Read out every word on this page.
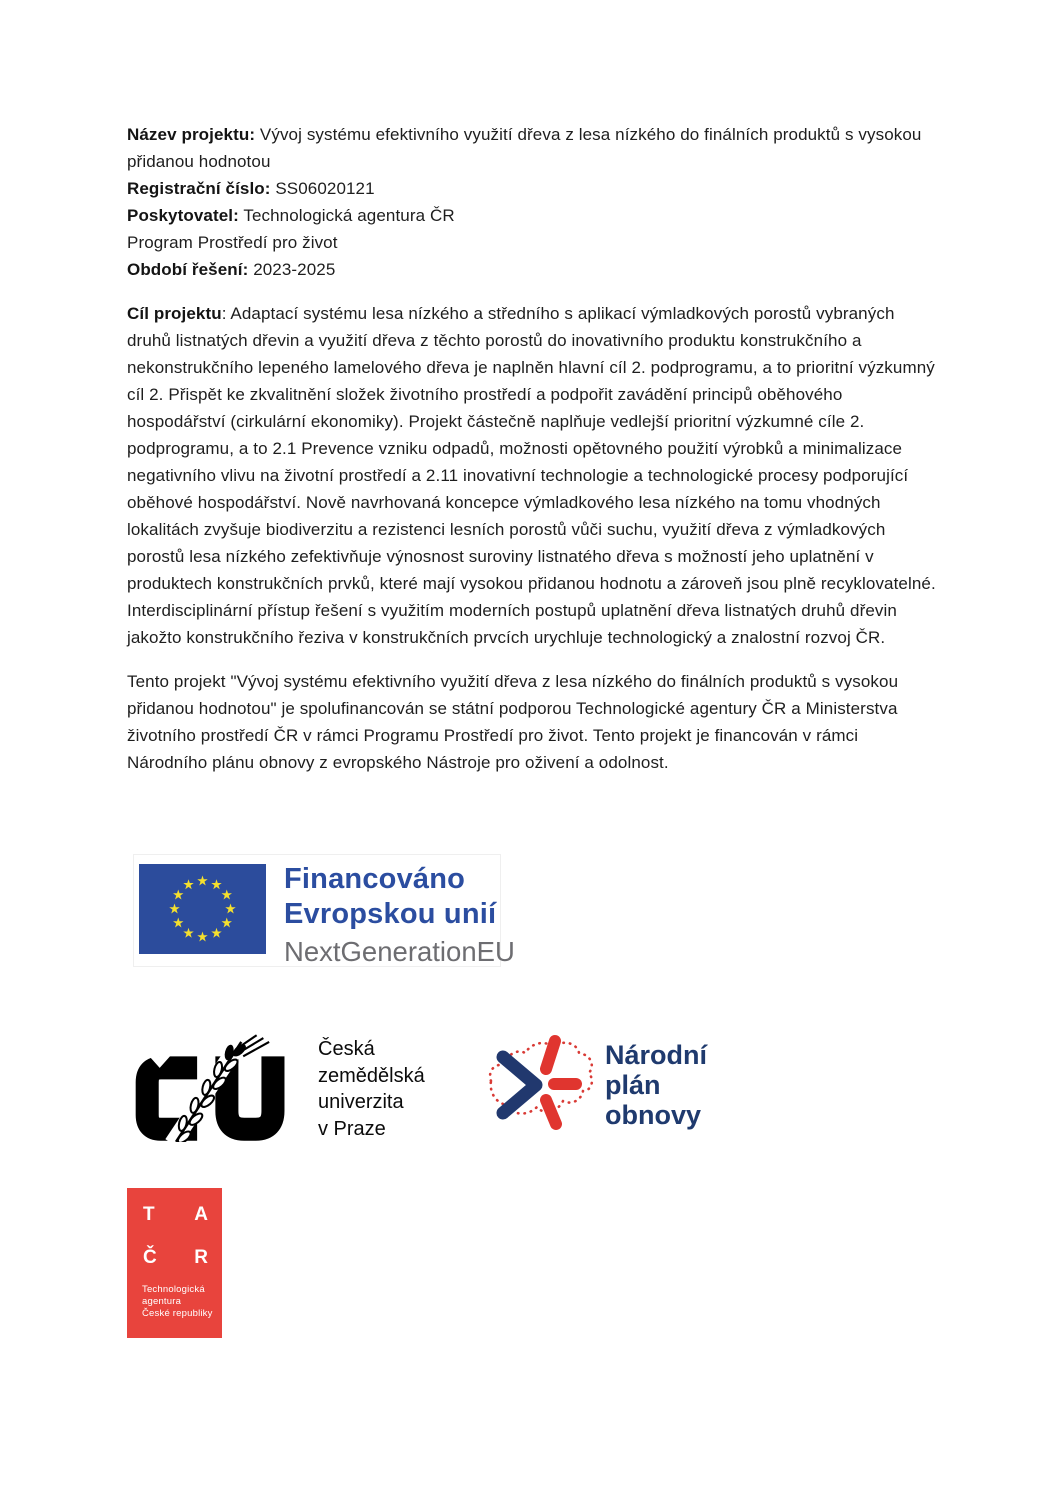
Název projektu: Vývoj systému efektivního využití dřeva z lesa nízkého do finálních produktů s vysokou přidanou hodnotou

Registrační číslo: SS06020121

Poskytovatel: Technologická agentura ČR

Program Prostředí pro život

Období řešení: 2023-2025

Cíl projektu: Adaptací systému lesa nízkého a středního s aplikací výmladkových porostů vybraných druhů listnatých dřevin a využití dřeva z těchto porostů do inovativního produktu konstrukčního a nekonstrukčního lepeného lamelového dřeva je naplněn hlavní cíl 2. podprogramu, a to prioritní výzkumný cíl 2. Přispět ke zkvalitnění složek životního prostředí a podpořit zavádění principů oběhového hospodářství (cirkulární ekonomiky). Projekt částečně naplňuje vedlejší prioritní výzkumné cíle 2. podprogramu, a to 2.1 Prevence vzniku odpadů, možnosti opětovného použití výrobků a minimalizace negativního vlivu na životní prostředí a 2.11 inovativní technologie a technologické procesy podporující oběhové hospodářství. Nově navrhovaná koncepce výmladkového lesa nízkého na tomu vhodných lokalitách zvyšuje biodiverzitu a rezistenci lesních porostů vůči suchu, využití dřeva z výmladkových porostů lesa nízkého zefektivňuje výnosnost suroviny listnatého dřeva s možností jeho uplatnění v produktech konstrukčních prvků, které mají vysokou přidanou hodnotu a zároveň jsou plně recyklovatelné. Interdisciplinární přístup řešení s využitím moderních postupů uplatnění dřeva listnatých druhů dřevin jakožto konstrukčního řeziva v konstrukčních prvcích urychluje technologický a znalostní rozvoj ČR.

Tento projekt "Vývoj systému efektivního využití dřeva z lesa nízkého do finálních produktů s vysokou přidanou hodnotou" je spolufinancován se státní podporou Technologické agentury ČR a Ministerstva životního prostředí ČR v rámci Programu Prostředí pro život. Tento projekt je financován v rámci Národního plánu obnovy z evropského Nástroje pro oživení a odolnost.

Financováno
Evropskou unií
NextGenerationEU
Česká
zemědělská
univerzita
v Praze
Národní
plán
obnovy
T A
Č R
Technologická
agentura
České republiky
